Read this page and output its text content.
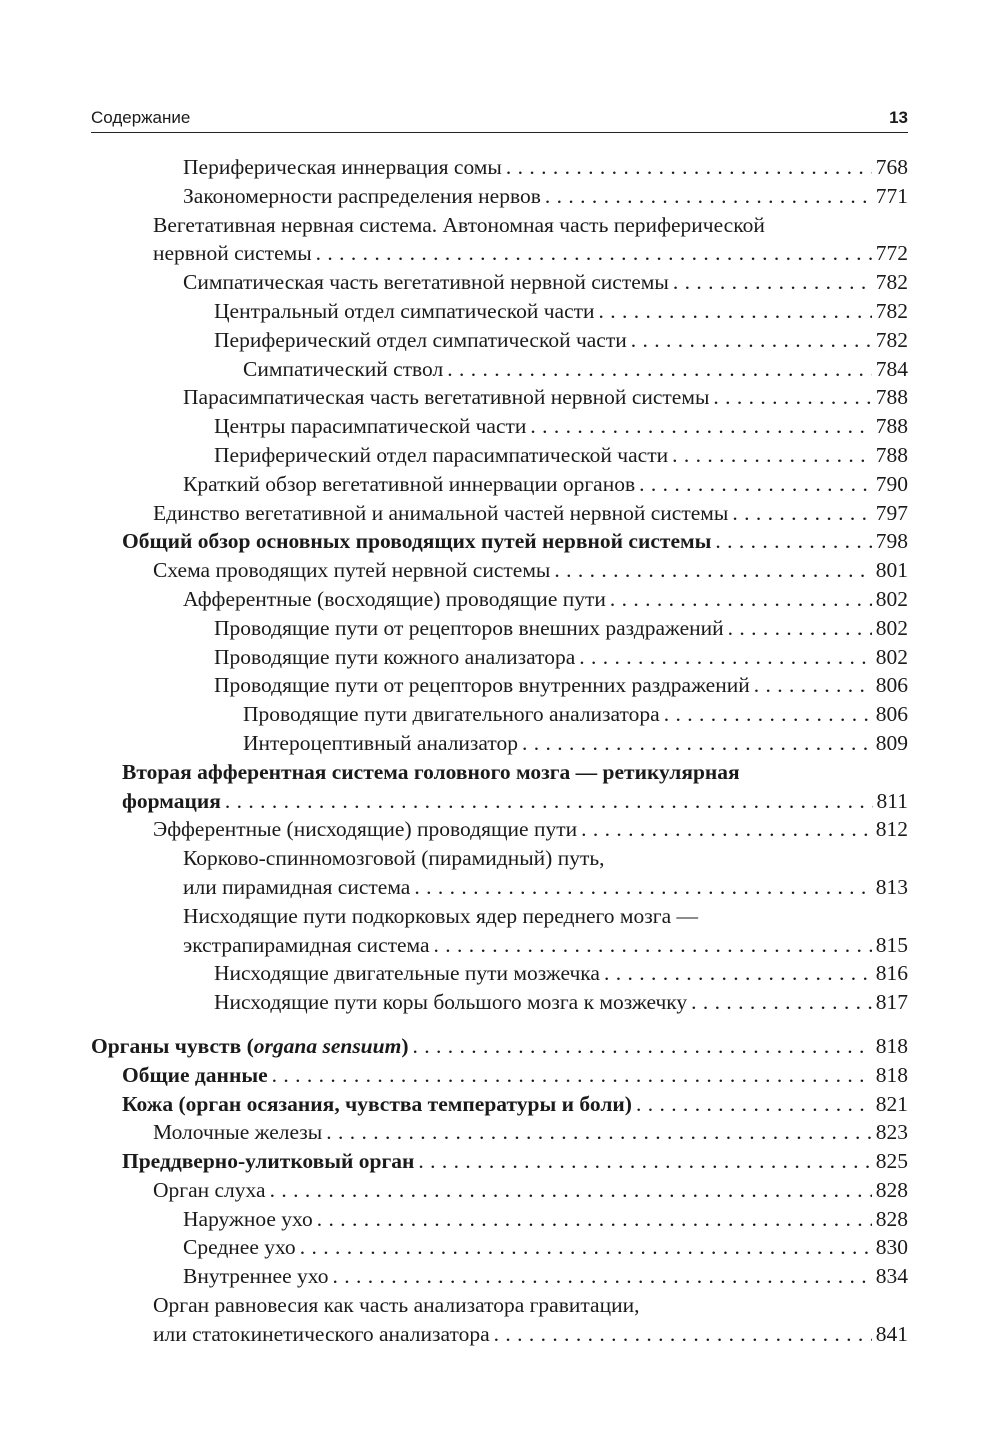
Содержание	13
Периферическая иннервация сомы . . .	768
Закономерности распределения нервов . . .	771
Вегетативная нервная система. Автономная часть периферической
нервной системы . . .	772
Симпатическая часть вегетативной нервной системы . . .	782
Центральный отдел симпатической части . . .	782
Периферический отдел симпатической части . . .	782
Симпатический ствол . . .	784
Парасимпатическая часть вегетативной нервной системы . . .	788
Центры парасимпатической части . . .	788
Периферический отдел парасимпатической части . . .	788
Краткий обзор вегетативной иннервации органов . . .	790
Единство вегетативной и анимальной частей нервной системы . . .	797
Общий обзор основных проводящих путей нервной системы . . .	798
Схема проводящих путей нервной системы . . .	801
Афферентные (восходящие) проводящие пути . . .	802
Проводящие пути от рецепторов внешних раздражений . . .	802
Проводящие пути кожного анализатора . . .	802
Проводящие пути от рецепторов внутренних раздражений . . .	806
Проводящие пути двигательного анализатора . . .	806
Интероцептивный анализатор . . .	809
Вторая афферентная система головного мозга — ретикулярная
формация . . .	811
Эфферентные (нисходящие) проводящие пути . . .	812
Корково-спинномозговой (пирамидный) путь,
или пирамидная система . . .	813
Нисходящие пути подкорковых ядер переднего мозга —
экстрапирамидная система . . .	815
Нисходящие двигательные пути мозжечка . . .	816
Нисходящие пути коры большого мозга к мозжечку . . .	817
Органы чувств ( organa sensuum ) . . .	818
Общие данные . . .	818
Кожа (орган осязания, чувства температуры и боли) . . .	821
Молочные железы . . .	823
Преддверно-улитковый орган . . .	825
Орган слуха . . .	828
Наружное ухо . . .	828
Среднее ухо . . .	830
Внутреннее ухо . . .	834
Орган равновесия как часть анализатора гравитации,
или статокинетического анализатора . . .	841
